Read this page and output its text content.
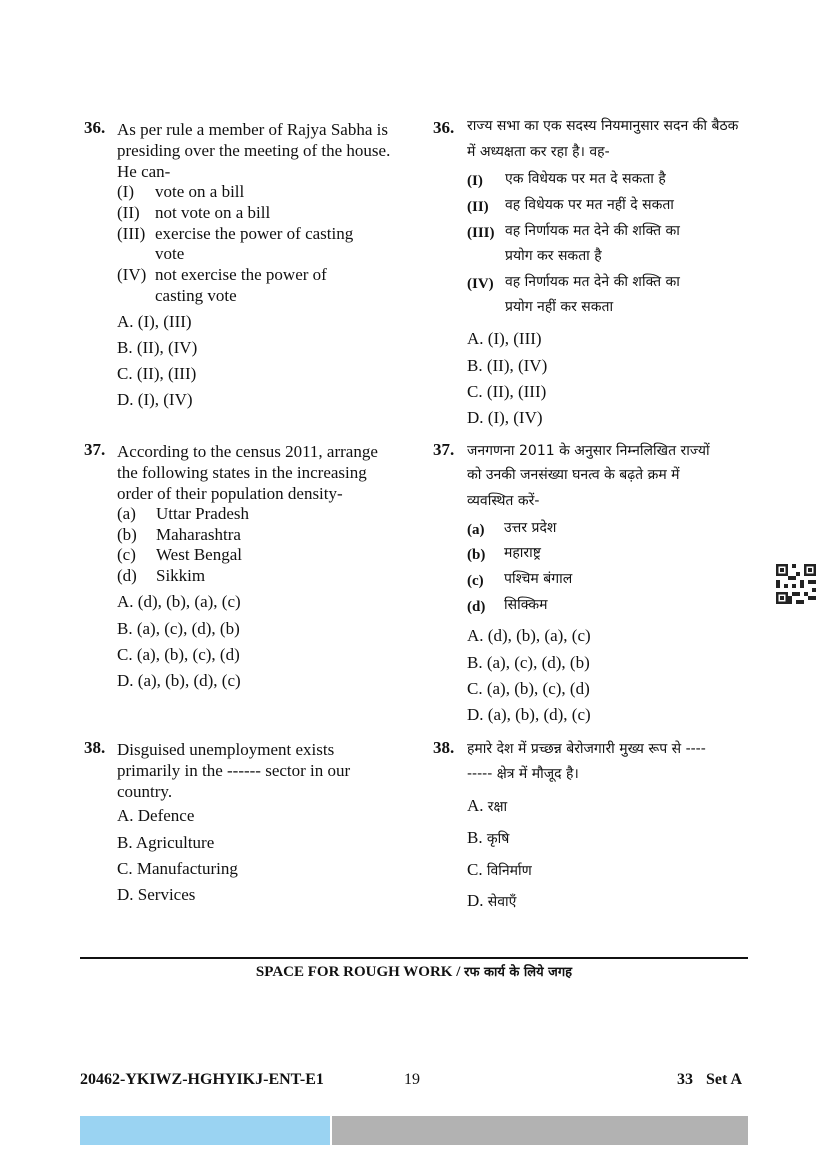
36. As per rule a member of Rajya Sabha is presiding over the meeting of the house. He can-
(I) vote on a bill
(II) not vote on a bill
(III) exercise the power of casting
vote
(IV) not exercise the power of
casting vote
A. (I), (III)
B. (II), (IV)
C. (II), (III)
D. (I), (IV)
37. According to the census 2011, arrange the following states in the increasing order of their population density-
(a) Uttar Pradesh
(b) Maharashtra
(c) West Bengal
(d) Sikkim
A. (d), (b), (a), (c)
B. (a), (c), (d), (b)
C. (a), (b), (c), (d)
D. (a), (b), (d), (c)
38. Disguised unemployment exists primarily in the ------ sector in our country.
A. Defence
B. Agriculture
C. Manufacturing
D. Services
36. राज्य सभा का एक सदस्य नियमानुसार सदन की बैठक में अध्यक्षता कर रहा है। वह-
(I) एक विधेयक पर मत दे सकता है
(II) वह विधेयक पर मत नहीं दे सकता
(III) वह निर्णायक मत देने की शक्ति का
प्रयोग कर सकता है
(IV) वह निर्णायक मत देने की शक्ति का
प्रयोग नहीं कर सकता
A. (I), (III)
B. (II), (IV)
C. (II), (III)
D. (I), (IV)
37. जनगणना 2011 के अनुसार निम्नलिखित राज्यों
को उनकी जनसंख्या घनत्व के बढ़ते क्रम में
व्यवस्थित करें-
(a) उत्तर प्रदेश
(b) महाराष्ट्र
(c) पश्चिम बंगाल
(d) सिक्किम
A. (d), (b), (a), (c)
B. (a), (c), (d), (b)
C. (a), (b), (c), (d)
D. (a), (b), (d), (c)
38. हमारे देश में प्रच्छन्न बेरोजगारी मुख्य रूप से ----
----- क्षेत्र में मौजूद है।
A. रक्षा
B. कृषि
C. विनिर्माण
D. सेवाएँ
SPACE FOR ROUGH WORK / रफ कार्य के लिये जगह
20462-YKIWZ-HGHYIKJ-ENT-E1	19	33 Set A
